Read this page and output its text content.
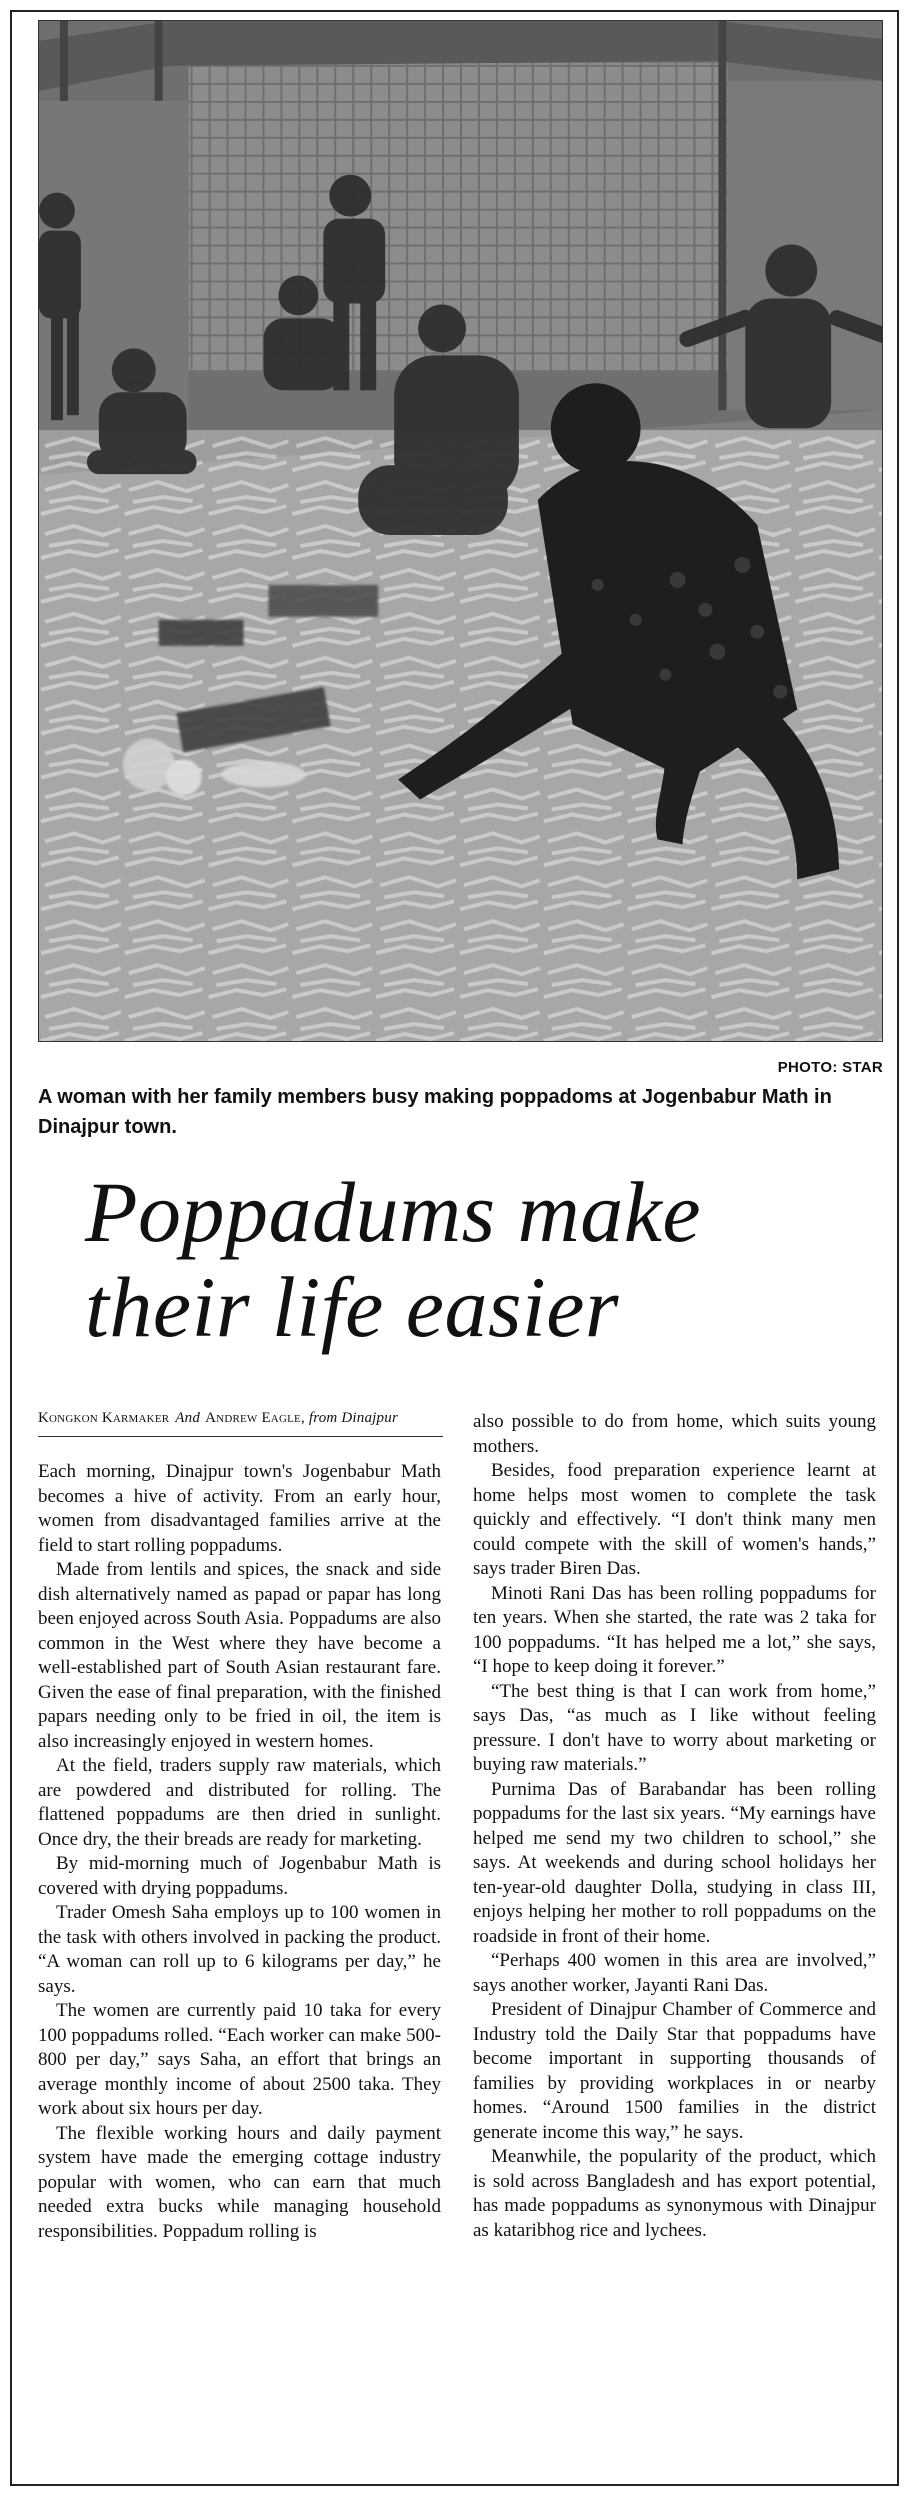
PHOTO: STAR
A woman with her family members busy making poppadoms at Jogenbabur Math in Dinajpur town.
Poppadums make their life easier
Kongkon Karmaker And Andrew Eagle, from Dinajpur

Each morning, Dinajpur town's Jogenbabur Math becomes a hive of activity. From an early hour, women from disadvantaged families arrive at the field to start rolling poppadums.

Made from lentils and spices, the snack and side dish alternatively named as papad or papar has long been enjoyed across South Asia. Poppadums are also common in the West where they have become a well-established part of South Asian restaurant fare. Given the ease of final preparation, with the finished papars needing only to be fried in oil, the item is also increasingly enjoyed in western homes.

At the field, traders supply raw materials, which are powdered and distributed for rolling. The flattened poppadums are then dried in sunlight. Once dry, the their breads are ready for marketing.

By mid-morning much of Jogenbabur Math is covered with drying poppadums.

Trader Omesh Saha employs up to 100 women in the task with others involved in packing the product. “A woman can roll up to 6 kilograms per day,” he says.

The women are currently paid 10 taka for every 100 poppadums rolled. “Each worker can make 500-800 per day,” says Saha, an effort that brings an average monthly income of about 2500 taka. They work about six hours per day.

The flexible working hours and daily payment system have made the emerging cottage industry popular with women, who can earn that much needed extra bucks while managing household responsibilities. Poppadum rolling is

also possible to do from home, which suits young mothers.

Besides, food preparation experience learnt at home helps most women to complete the task quickly and effectively. “I don't think many men could compete with the skill of women's hands,” says trader Biren Das.

Minoti Rani Das has been rolling poppadums for ten years. When she started, the rate was 2 taka for 100 poppadums. “It has helped me a lot,” she says, “I hope to keep doing it forever.”

“The best thing is that I can work from home,” says Das, “as much as I like without feeling pressure. I don't have to worry about marketing or buying raw materials.”

Purnima Das of Barabandar has been rolling poppadums for the last six years. “My earnings have helped me send my two children to school,” she says. At weekends and during school holidays her ten-year-old daughter Dolla, studying in class III, enjoys helping her mother to roll poppadums on the roadside in front of their home.

“Perhaps 400 women in this area are involved,” says another worker, Jayanti Rani Das.

President of Dinajpur Chamber of Commerce and Industry told the Daily Star that poppadums have become important in supporting thousands of families by providing workplaces in or nearby homes. “Around 1500 families in the district generate income this way,” he says.

Meanwhile, the popularity of the product, which is sold across Bangladesh and has export potential, has made poppadums as synonymous with Dinajpur as kataribhog rice and lychees.
